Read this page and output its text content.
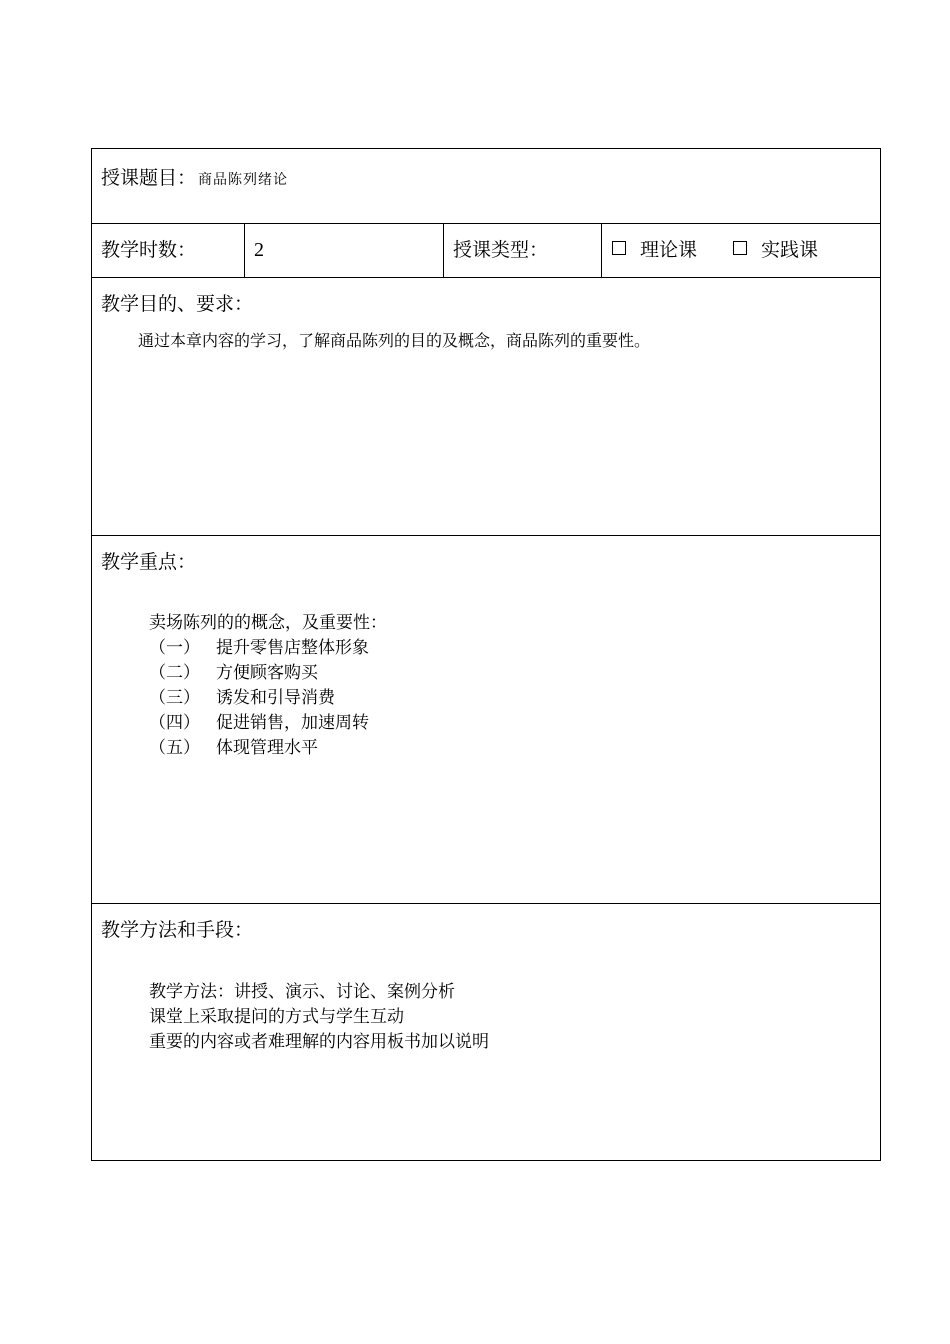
授课题目： 商品陈列绪论
教学时数：	2	授课类型：	理论课	实践课
教学目的、要求：
通过本章内容的学习，了解商品陈列的目的及概念，商品陈列的重要性。
教学重点：
卖场陈列的的概念，及重要性：
（一） 提升零售店整体形象
（二） 方便顾客购买
（三） 诱发和引导消费
（四） 促进销售，加速周转
（五） 体现管理水平
教学方法和手段：
教学方法：讲授、演示、讨论、案例分析
课堂上采取提问的方式与学生互动
重要的内容或者难理解的内容用板书加以说明
